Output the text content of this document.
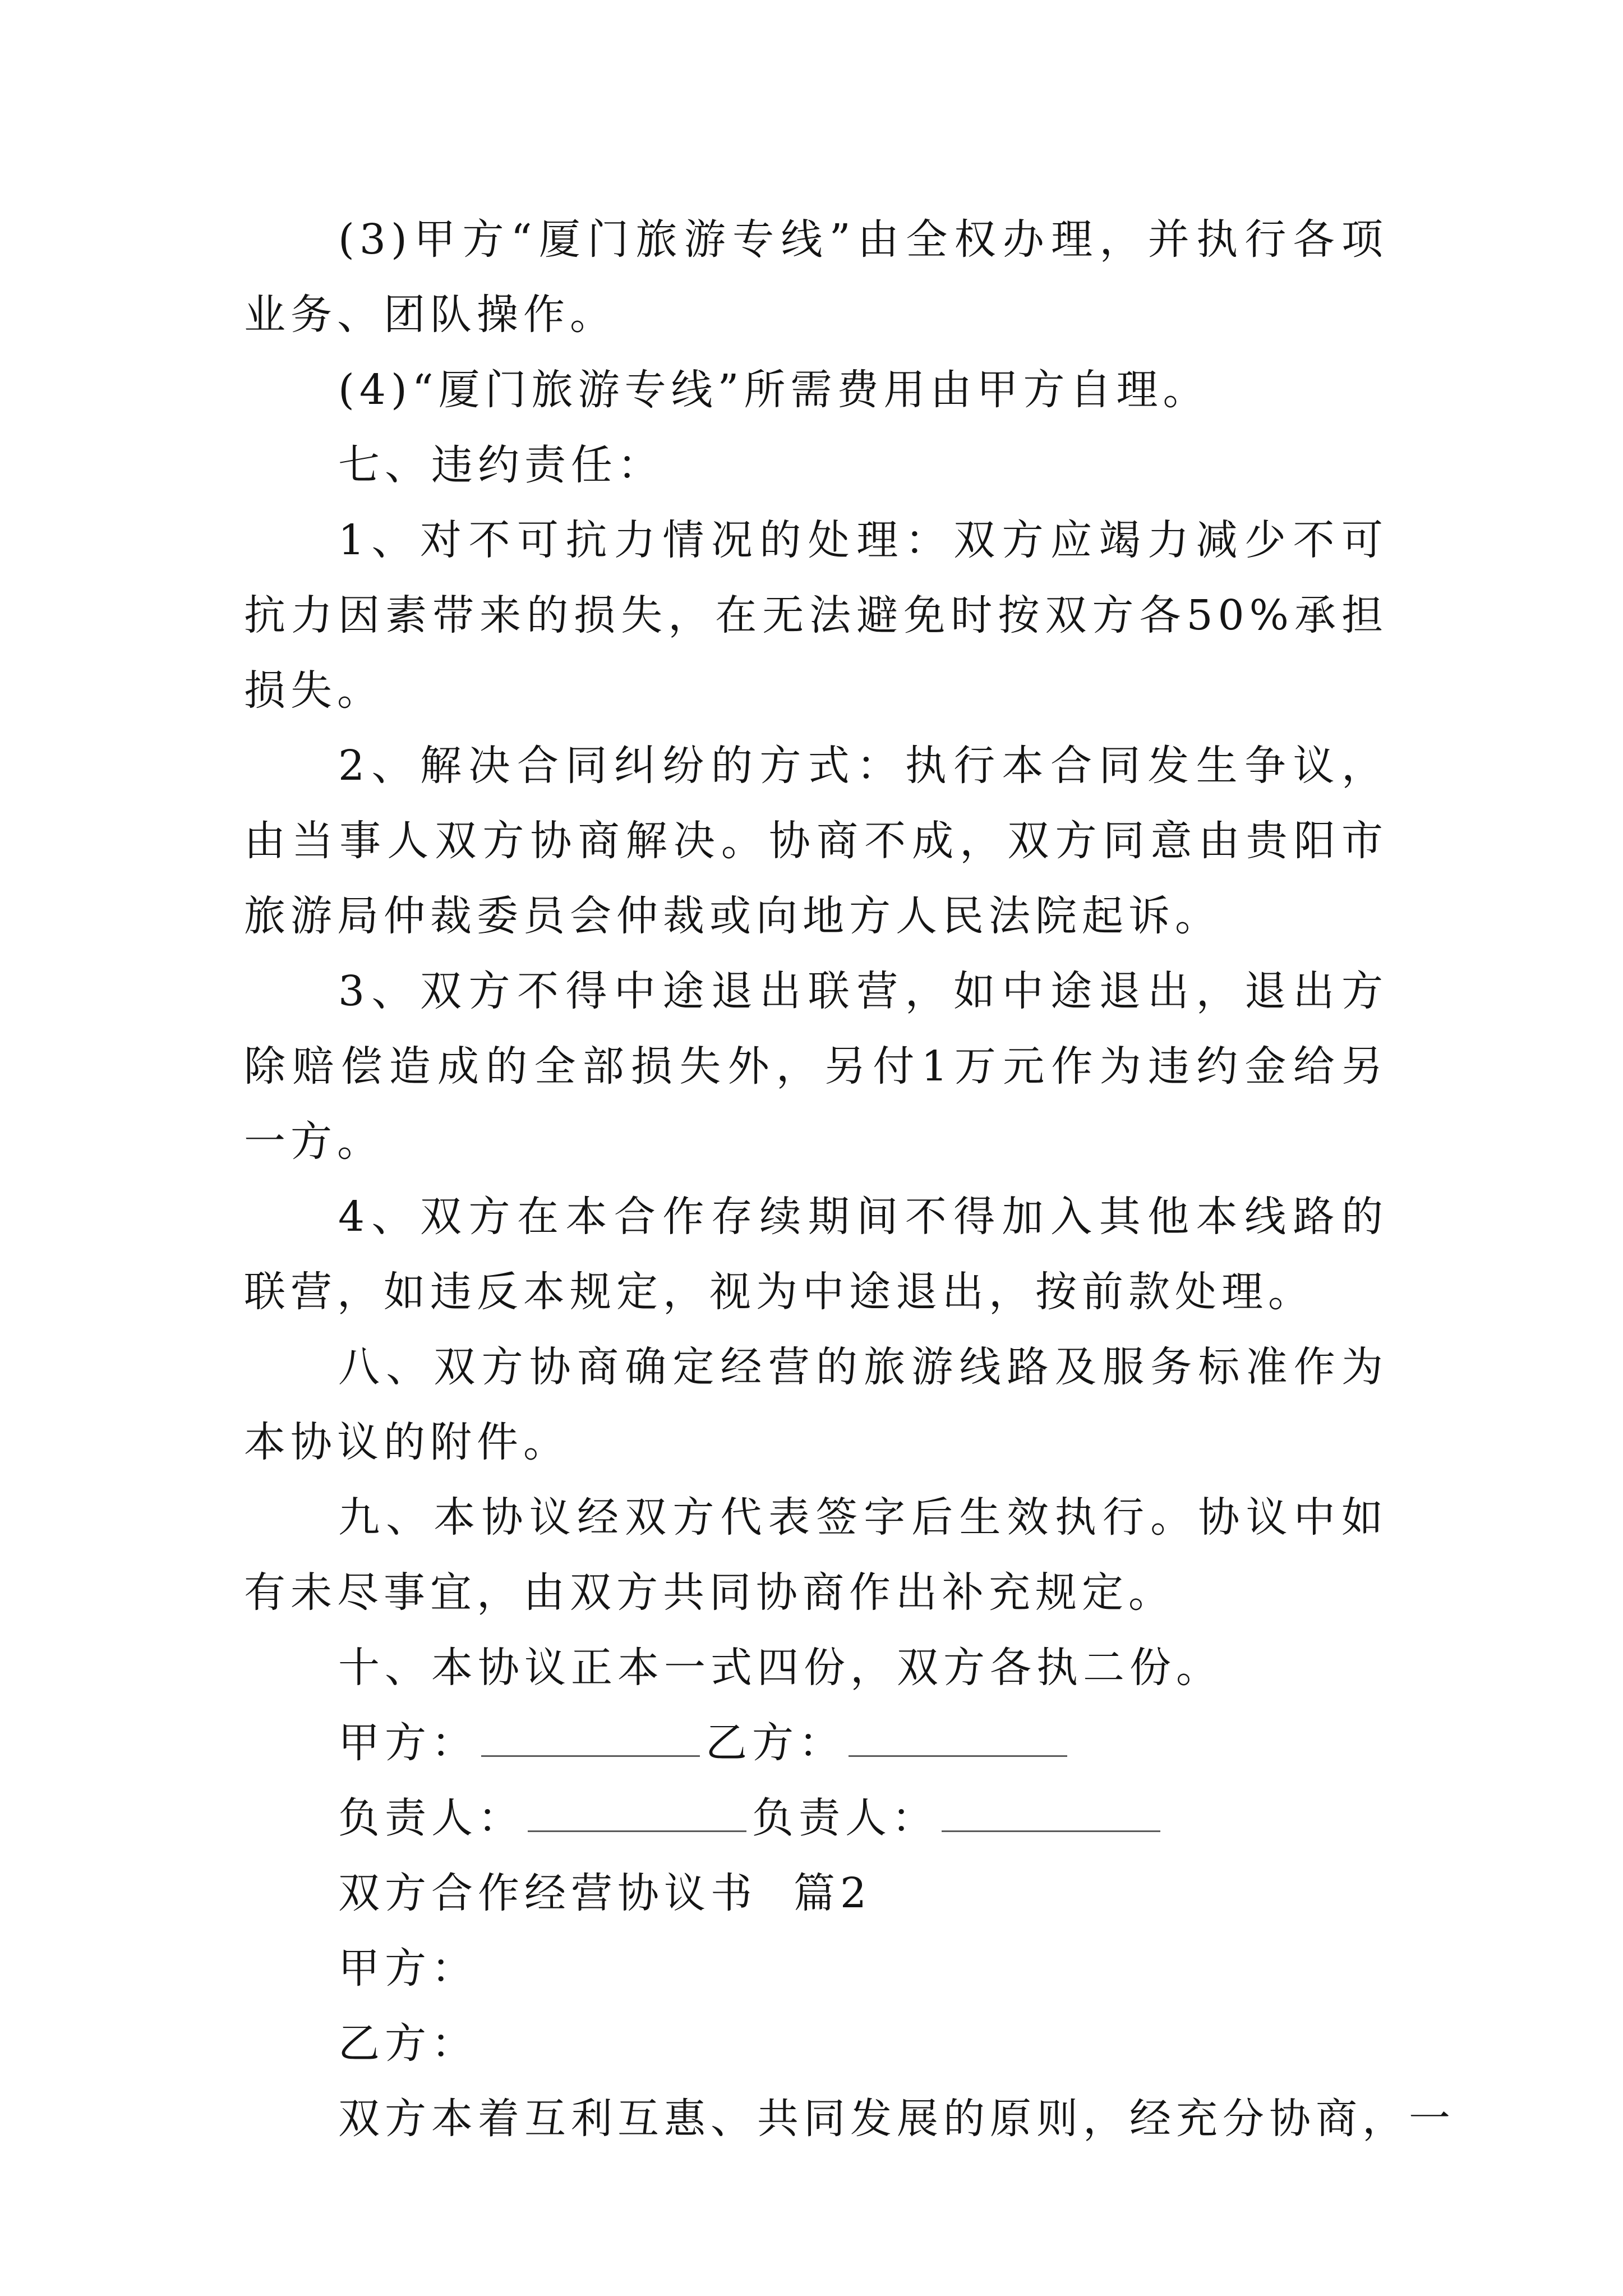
(3)甲方“厦门旅游专线”由全权办理，并执行各项业务、团队操作。

(4)“厦门旅游专线”所需费用由甲方自理。

七、违约责任：

1、对不可抗力情况的处理：双方应竭力减少不可抗力因素带来的损失，在无法避免时按双方各50%承担损失。

2、解决合同纠纷的方式：执行本合同发生争议，由当事人双方协商解决。协商不成，双方同意由贵阳市旅游局仲裁委员会仲裁或向地方人民法院起诉。

3、双方不得中途退出联营，如中途退出，退出方除赔偿造成的全部损失外，另付1万元作为违约金给另一方。

4、双方在本合作存续期间不得加入其他本线路的联营，如违反本规定，视为中途退出，按前款处理。

八、双方协商确定经营的旅游线路及服务标准作为本协议的附件。

九、本协议经双方代表签字后生效执行。协议中如有未尽事宜，由双方共同协商作出补充规定。

十、本协议正本一式四份，双方各执二份。

甲方：	乙方：

负责人：	负责人：

双方合作经营协议书  篇2

甲方：

乙方：

双方本着互利互惠、共同发展的原则，经充分协商，一
